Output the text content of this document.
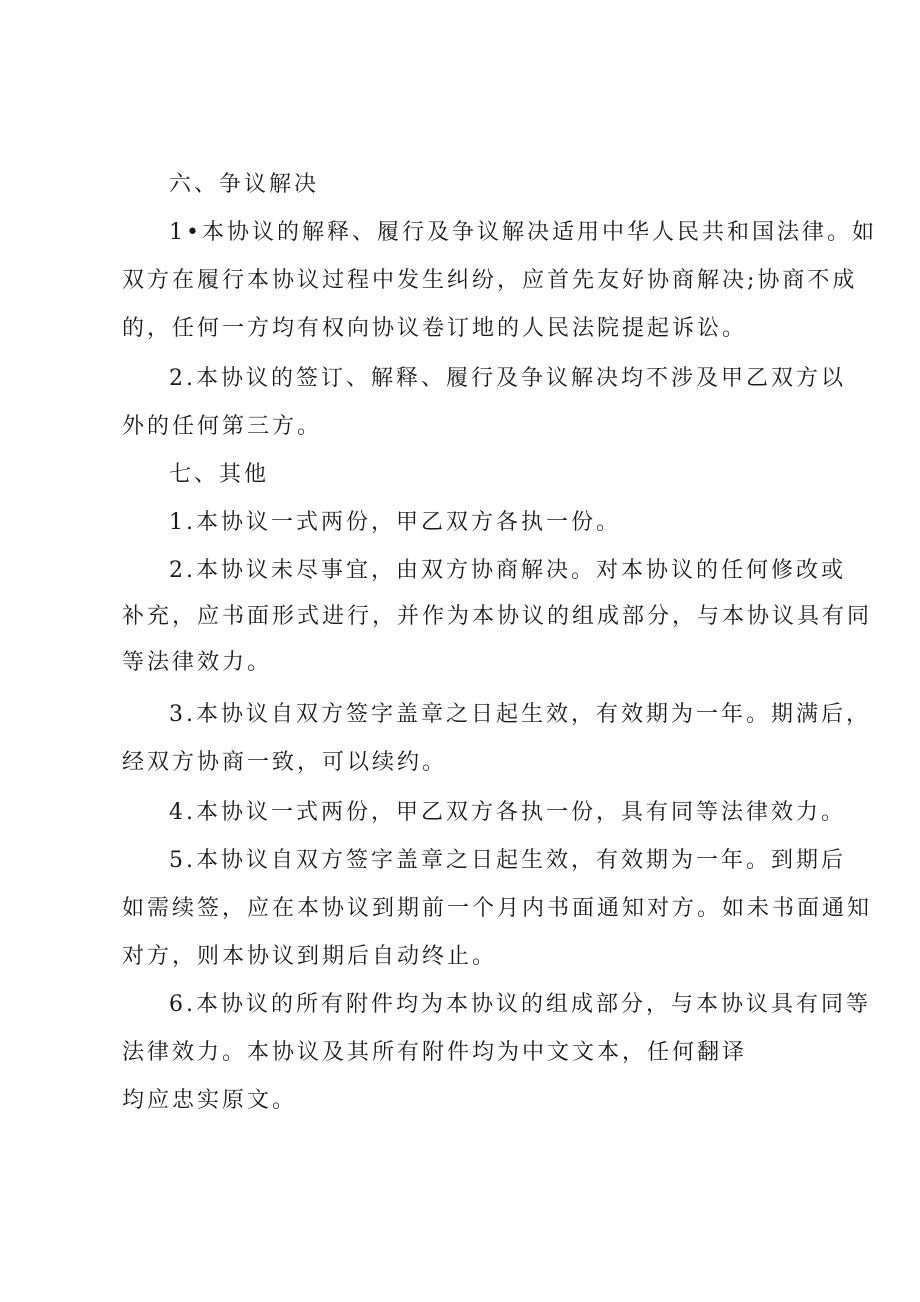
六、争议解决
1•本协议的解释、履行及争议解决适用中华人民共和国法律。如
双方在履行本协议过程中发生纠纷，应首先友好协商解决;协商不成
的，任何一方均有权向协议卷订地的人民法院提起诉讼。
2.本协议的签订、解释、履行及争议解决均不涉及甲乙双方以
外的任何第三方。
七、其他
1.本协议一式两份，甲乙双方各执一份。
2.本协议未尽事宜，由双方协商解决。对本协议的任何修改或
补充，应书面形式进行，并作为本协议的组成部分，与本协议具有同
等法律效力。
3.本协议自双方签字盖章之日起生效，有效期为一年。期满后，
经双方协商一致，可以续约。
4.本协议一式两份，甲乙双方各执一份，具有同等法律效力。
5.本协议自双方签字盖章之日起生效，有效期为一年。到期后
如需续签，应在本协议到期前一个月内书面通知对方。如未书面通知
对方，则本协议到期后自动终止。
6.本协议的所有附件均为本协议的组成部分，与本协议具有同等
法律效力。本协议及其所有附件均为中文文本，任何翻译
均应忠实原文。
